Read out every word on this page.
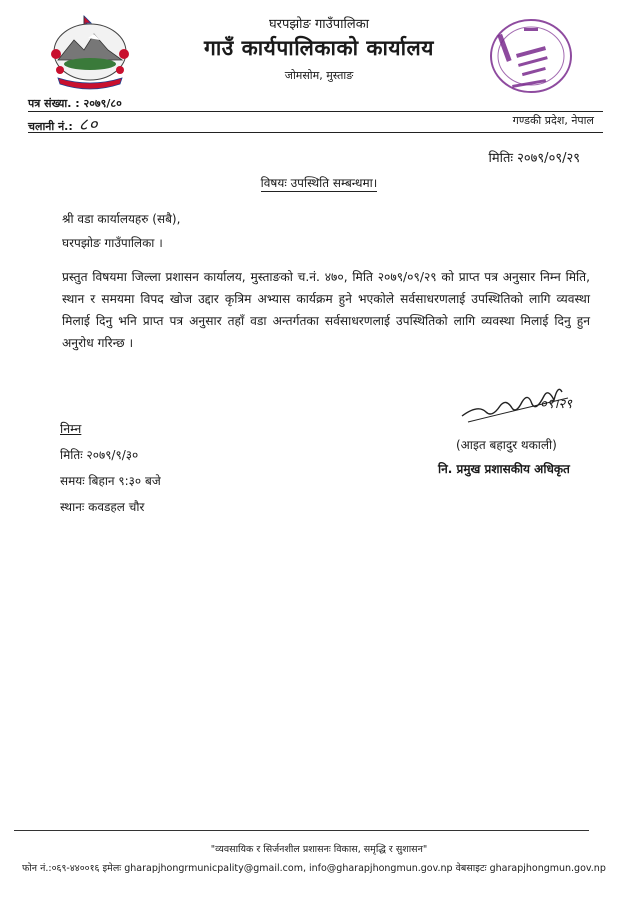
घरपझोङ गाउँपालिका
गाउँ कार्यपालिकाको कार्यालय
जोमसोम, मुस्ताङ
पत्र संख्या. : २०७९/८०
चलानी नं.: ८०	गण्डकी प्रदेश, नेपाल
मितिः २०७९/०९/२९
विषयः उपस्थिति सम्बन्धमा।
श्री वडा कार्यालयहरु (सबै),
घरपझोङ गाउँपालिका ।
प्रस्तुत विषयमा जिल्ला प्रशासन कार्यालय, मुस्ताङको च.नं. ४७०, मिति २०७९/०९/२९ को प्राप्त पत्र अनुसार निम्न मिति, स्थान र समयमा विपद खोज उद्दार कृत्रिम अभ्यास कार्यक्रम हुने भएकोले सर्वसाधरणलाई उपस्थितिको लागि व्यवस्था मिलाई दिनु भनि प्राप्त पत्र अनुसार तहाँ वडा अन्तर्गतका सर्वसाधरणलाई उपस्थितिको लागि व्यवस्था मिलाई दिनु हुन अनुरोध गरिन्छ ।
निम्न
मितिः २०७९/९/३०
समयः बिहान ९:३० बजे
स्थानः कवडहल चौर
०९।२९
(आइत बहादुर थकाली)
नि. प्रमुख प्रशासकीय अधिकृत
"व्यवसायिक र सिर्जनशील प्रशासनः विकास, समृद्धि र सुशासन"
फोन नं.:०६९-४४००१६ इमेलः gharapjhongrmunicpality@gmail.com, info@gharapjhongmun.gov.np वेबसाइटः gharapjhongmun.gov.np
